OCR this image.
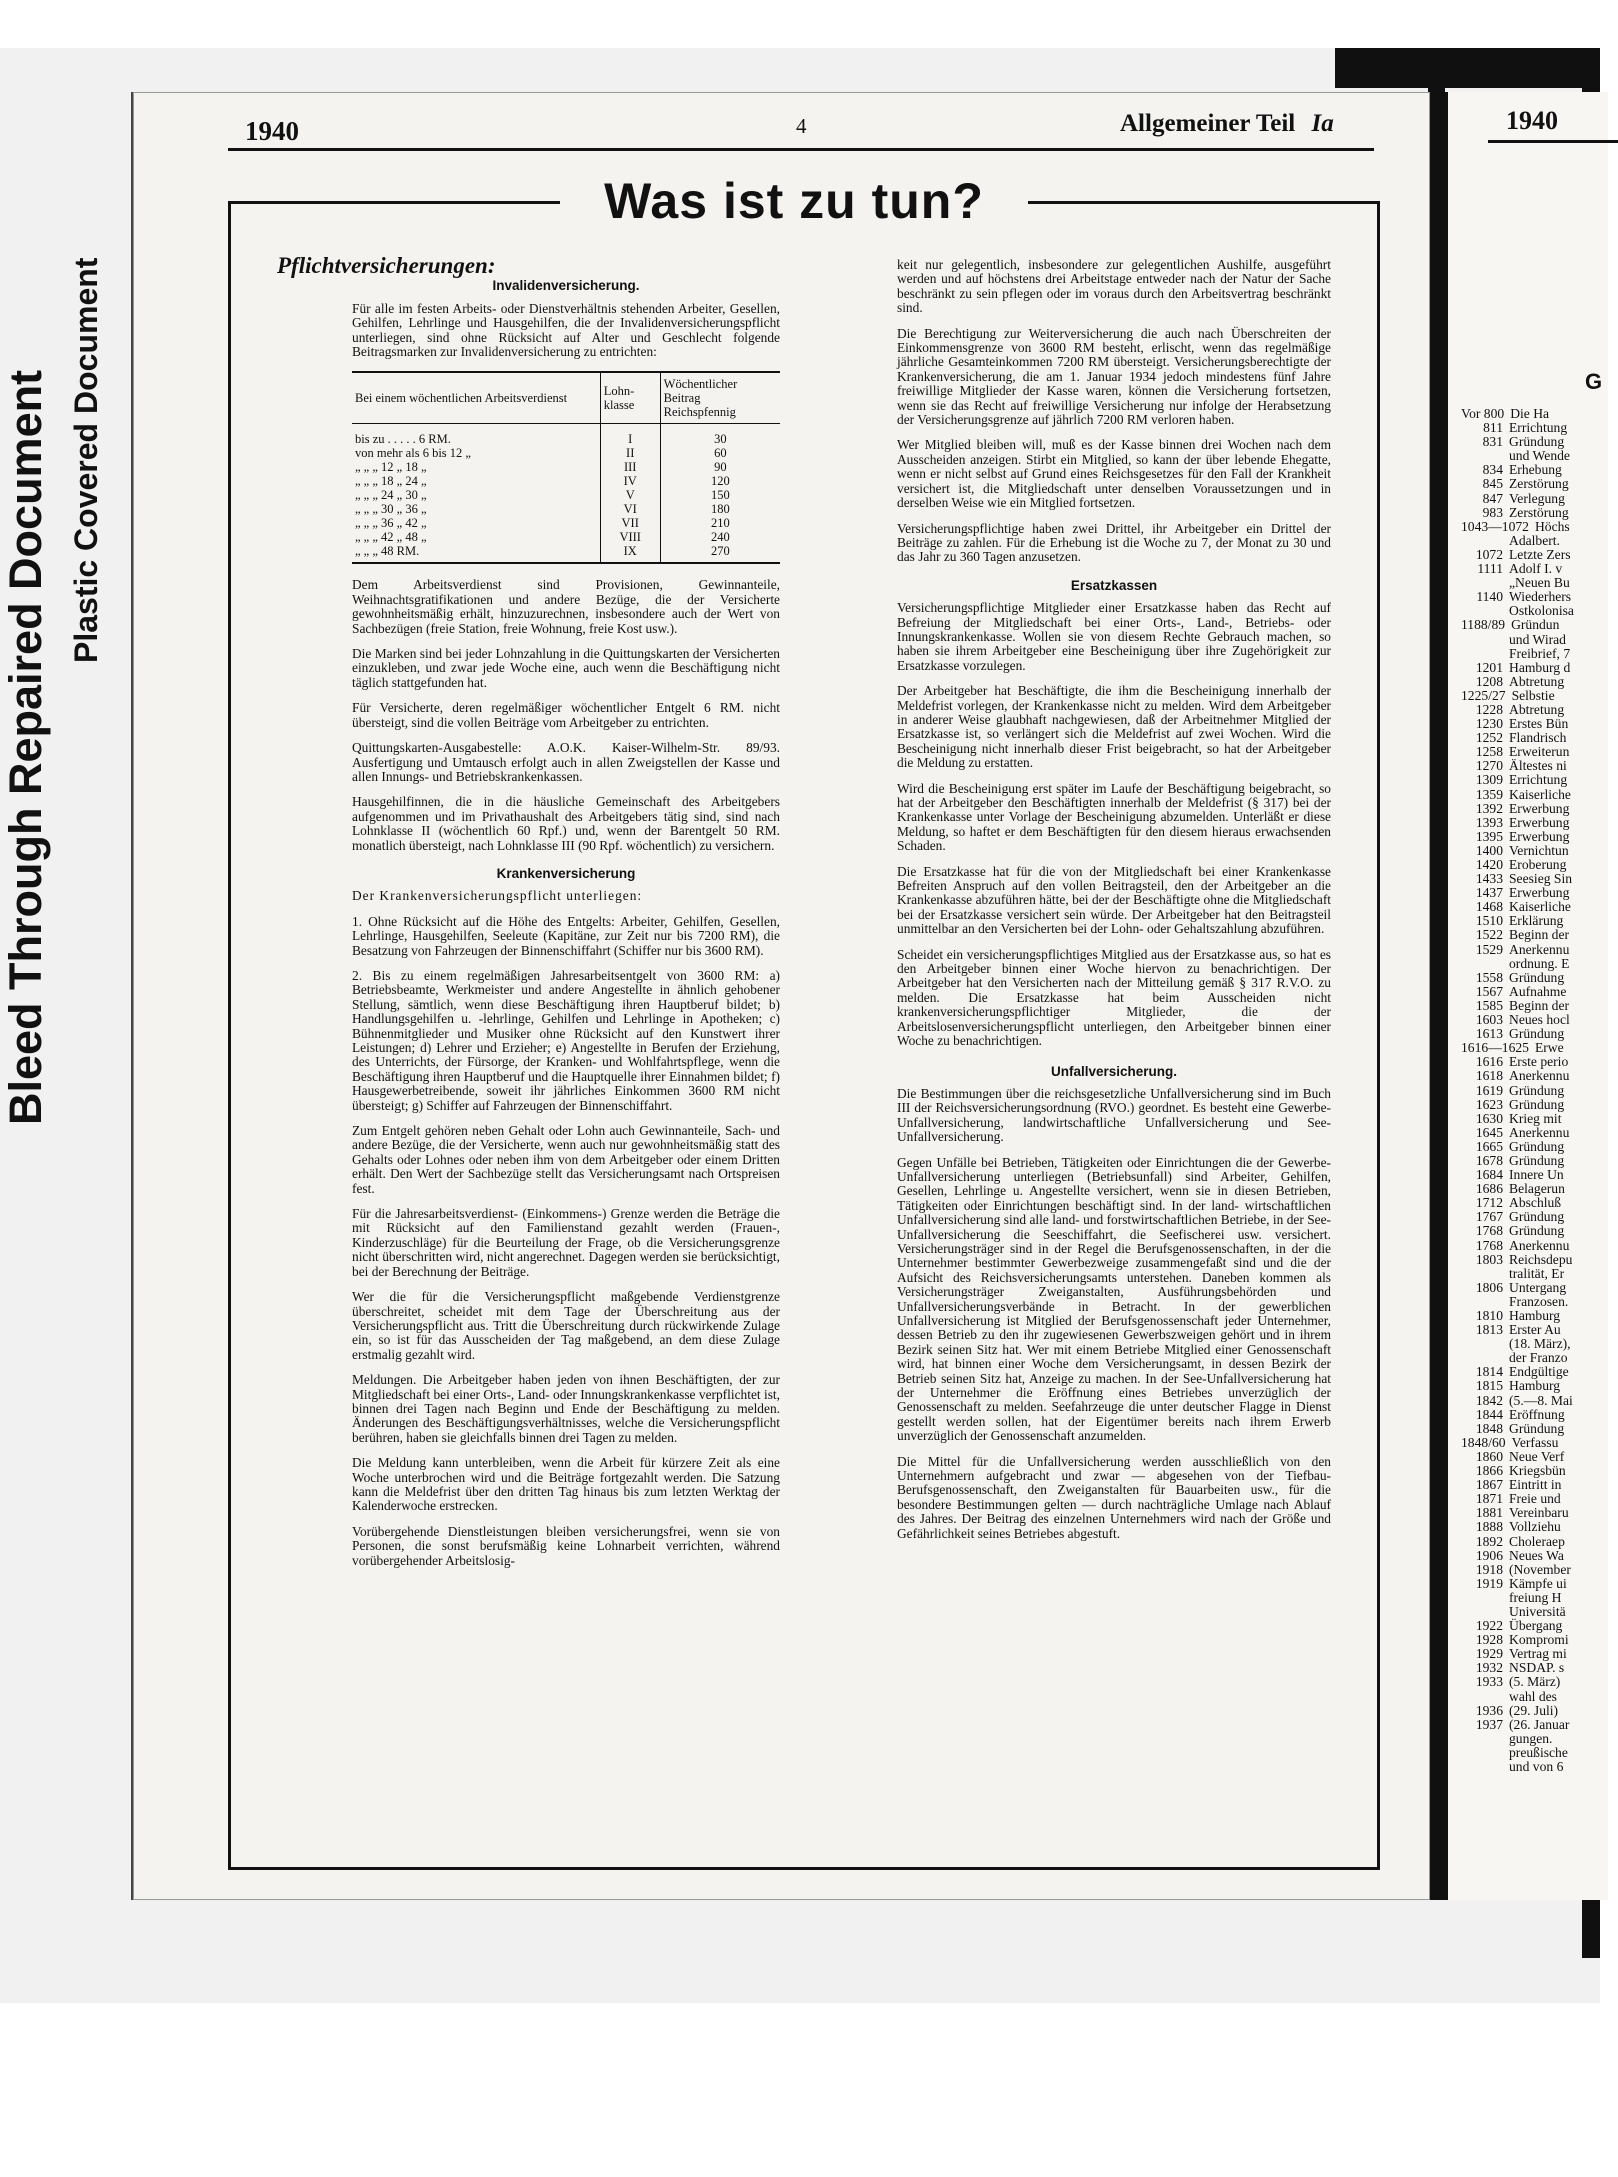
Bleed Through Repaired Document Plastic Covered Document
1940	4	Allgemeiner Teil Ia
Was ist zu tun?
Pflichtversicherungen:
Invalidenversicherung.

Für alle im festen Arbeits- oder Dienstverhältnis stehenden Arbeiter, Gesellen, Gehilfen, Lehrlinge und Hausgehilfen, die der Invalidenversicherungspflicht unterliegen, sind ohne Rücksicht auf Alter und Geschlecht folgende Beitragsmarken zur Invalidenversicherung zu entrichten:

Bei einem wöchentlichen Arbeitsverdienst	Lohn-klasse	Wöchentlicher Beitrag
Reichspfennig
bis zu . . . . . 6 RM.	I	30
von mehr als 6 bis 12 „	II	60
„ „ „ 12 „ 18 „	III	90
„ „ „ 18 „ 24 „	IV	120
„ „ „ 24 „ 30 „	V	150
„ „ „ 30 „ 36 „	VI	180
„ „ „ 36 „ 42 „	VII	210
„ „ „ 42 „ 48 „	VIII	240
„ „ „ 48 RM.	IX	270

Dem Arbeitsverdienst sind Provisionen, Gewinnanteile, Weihnachtsgratifikationen und andere Bezüge, die der Versicherte gewohnheitsmäßig erhält, hinzuzurechnen, insbesondere auch der Wert von Sachbezügen (freie Station, freie Wohnung, freie Kost usw.).

Die Marken sind bei jeder Lohnzahlung in die Quittungskarten der Versicherten einzukleben, und zwar jede Woche eine, auch wenn die Beschäftigung nicht täglich stattgefunden hat.

Für Versicherte, deren regelmäßiger wöchentlicher Entgelt 6 RM. nicht übersteigt, sind die vollen Beiträge vom Arbeitgeber zu entrichten.

Quittungskarten-Ausgabestelle: A.O.K. Kaiser-Wilhelm-Str. 89/93. Ausfertigung und Umtausch erfolgt auch in allen Zweigstellen der Kasse und allen Innungs- und Betriebskrankenkassen.

Hausgehilfinnen, die in die häusliche Gemeinschaft des Arbeitgebers aufgenommen und im Privathaushalt des Arbeitgebers tätig sind, sind nach Lohnklasse II (wöchentlich 60 Rpf.) und, wenn der Barentgelt 50 RM. monatlich übersteigt, nach Lohnklasse III (90 Rpf. wöchentlich) zu versichern.

Krankenversicherung

Der Krankenversicherungspflicht unterliegen:

1. Ohne Rücksicht auf die Höhe des Entgelts: Arbeiter, Gehilfen, Gesellen, Lehrlinge, Hausgehilfen, Seeleute (Kapitäne, zur Zeit nur bis 7200 RM), die Besatzung von Fahrzeugen der Binnenschiffahrt (Schiffer nur bis 3600 RM).

2. Bis zu einem regelmäßigen Jahresarbeitsentgelt von 3600 RM: a) Betriebsbeamte, Werkmeister und andere Angestellte in ähnlich gehobener Stellung, sämtlich, wenn diese Beschäftigung ihren Hauptberuf bildet; b) Handlungsgehilfen u. -lehrlinge, Gehilfen und Lehrlinge in Apotheken; c) Bühnenmitglieder und Musiker ohne Rücksicht auf den Kunstwert ihrer Leistungen; d) Lehrer und Erzieher; e) Angestellte in Berufen der Erziehung, des Unterrichts, der Fürsorge, der Kranken- und Wohlfahrtspflege, wenn die Beschäftigung ihren Hauptberuf und die Hauptquelle ihrer Einnahmen bildet; f) Hausgewerbetreibende, soweit ihr jährliches Einkommen 3600 RM nicht übersteigt; g) Schiffer auf Fahrzeugen der Binnenschiffahrt.

Zum Entgelt gehören neben Gehalt oder Lohn auch Gewinnanteile, Sach- und andere Bezüge, die der Versicherte, wenn auch nur gewohnheitsmäßig statt des Gehalts oder Lohnes oder neben ihm von dem Arbeitgeber oder einem Dritten erhält. Den Wert der Sachbezüge stellt das Versicherungsamt nach Ortspreisen fest.

Für die Jahresarbeitsverdienst- (Einkommens-) Grenze werden die Beträge die mit Rücksicht auf den Familienstand gezahlt werden (Frauen-, Kinderzuschläge) für die Beurteilung der Frage, ob die Versicherungsgrenze nicht überschritten wird, nicht angerechnet. Dagegen werden sie berücksichtigt, bei der Berechnung der Beiträge.

Wer die für die Versicherungspflicht maßgebende Verdienstgrenze überschreitet, scheidet mit dem Tage der Überschreitung aus der Versicherungspflicht aus. Tritt die Überschreitung durch rückwirkende Zulage ein, so ist für das Ausscheiden der Tag maßgebend, an dem diese Zulage erstmalig gezahlt wird.

Meldungen. Die Arbeitgeber haben jeden von ihnen Beschäftigten, der zur Mitgliedschaft bei einer Orts-, Land- oder Innungskrankenkasse verpflichtet ist, binnen drei Tagen nach Beginn und Ende der Beschäftigung zu melden. Änderungen des Beschäftigungsverhältnisses, welche die Versicherungspflicht berühren, haben sie gleichfalls binnen drei Tagen zu melden.

Die Meldung kann unterbleiben, wenn die Arbeit für kürzere Zeit als eine Woche unterbrochen wird und die Beiträge fortgezahlt werden. Die Satzung kann die Meldefrist über den dritten Tag hinaus bis zum letzten Werktag der Kalenderwoche erstrecken.

Vorübergehende Dienstleistungen bleiben versicherungsfrei, wenn sie von Personen, die sonst berufsmäßig keine Lohnarbeit verrichten, während vorübergehender Arbeitslosig-

keit nur gelegentlich, insbesondere zur gelegentlichen Aushilfe, ausgeführt werden und auf höchstens drei Arbeitstage entweder nach der Natur der Sache beschränkt zu sein pflegen oder im voraus durch den Arbeitsvertrag beschränkt sind.

Die Berechtigung zur Weiterversicherung die auch nach Überschreiten der Einkommensgrenze von 3600 RM besteht, erlischt, wenn das regelmäßige jährliche Gesamteinkommen 7200 RM übersteigt. Versicherungsberechtigte der Krankenversicherung, die am 1. Januar 1934 jedoch mindestens fünf Jahre freiwillige Mitglieder der Kasse waren, können die Versicherung fortsetzen, wenn sie das Recht auf freiwillige Versicherung nur infolge der Herabsetzung der Versicherungsgrenze auf jährlich 7200 RM verloren haben.

Wer Mitglied bleiben will, muß es der Kasse binnen drei Wochen nach dem Ausscheiden anzeigen. Stirbt ein Mitglied, so kann der über lebende Ehegatte, wenn er nicht selbst auf Grund eines Reichsgesetzes für den Fall der Krankheit versichert ist, die Mitgliedschaft unter denselben Voraussetzungen und in derselben Weise wie ein Mitglied fortsetzen.

Versicherungspflichtige haben zwei Drittel, ihr Arbeitgeber ein Drittel der Beiträge zu zahlen. Für die Erhebung ist die Woche zu 7, der Monat zu 30 und das Jahr zu 360 Tagen anzusetzen.

Ersatzkassen

Versicherungspflichtige Mitglieder einer Ersatzkasse haben das Recht auf Befreiung der Mitgliedschaft bei einer Orts-, Land-, Betriebs- oder Innungskrankenkasse. Wollen sie von diesem Rechte Gebrauch machen, so haben sie ihrem Arbeitgeber eine Bescheinigung über ihre Zugehörigkeit zur Ersatzkasse vorzulegen.

Der Arbeitgeber hat Beschäftigte, die ihm die Bescheinigung innerhalb der Meldefrist vorlegen, der Krankenkasse nicht zu melden. Wird dem Arbeitgeber in anderer Weise glaubhaft nachgewiesen, daß der Arbeitnehmer Mitglied der Ersatzkasse ist, so verlängert sich die Meldefrist auf zwei Wochen. Wird die Bescheinigung nicht innerhalb dieser Frist beigebracht, so hat der Arbeitgeber die Meldung zu erstatten.

Wird die Bescheinigung erst später im Laufe der Beschäftigung beigebracht, so hat der Arbeitgeber den Beschäftigten innerhalb der Meldefrist (§ 317) bei der Krankenkasse unter Vorlage der Bescheinigung abzumelden. Unterläßt er diese Meldung, so haftet er dem Beschäftigten für den diesem hieraus erwachsenden Schaden.

Die Ersatzkasse hat für die von der Mitgliedschaft bei einer Krankenkasse Befreiten Anspruch auf den vollen Beitragsteil, den der Arbeitgeber an die Krankenkasse abzuführen hätte, bei der der Beschäftigte ohne die Mitgliedschaft bei der Ersatzkasse versichert sein würde. Der Arbeitgeber hat den Beitragsteil unmittelbar an den Versicherten bei der Lohn- oder Gehaltszahlung abzuführen.

Scheidet ein versicherungspflichtiges Mitglied aus der Ersatzkasse aus, so hat es den Arbeitgeber binnen einer Woche hiervon zu benachrichtigen. Der Arbeitgeber hat den Versicherten nach der Mitteilung gemäß § 317 R.V.O. zu melden. Die Ersatzkasse hat beim Ausscheiden nicht krankenversicherungspflichtiger Mitglieder, die der Arbeitslosenversicherungspflicht unterliegen, den Arbeitgeber binnen einer Woche zu benachrichtigen.

Unfallversicherung.

Die Bestimmungen über die reichsgesetzliche Unfallversicherung sind im Buch III der Reichsversicherungsordnung (RVO.) geordnet. Es besteht eine Gewerbe-Unfallversicherung, landwirtschaftliche Unfallversicherung und See-Unfallversicherung.

Gegen Unfälle bei Betrieben, Tätigkeiten oder Einrichtungen die der Gewerbe-Unfallversicherung unterliegen (Betriebsunfall) sind Arbeiter, Gehilfen, Gesellen, Lehrlinge u. Angestellte versichert, wenn sie in diesen Betrieben, Tätigkeiten oder Einrichtungen beschäftigt sind. In der land- wirtschaftlichen Unfallversicherung sind alle land- und forstwirtschaftlichen Betriebe, in der See-Unfallversicherung die Seeschiffahrt, die Seefischerei usw. versichert. Versicherungsträger sind in der Regel die Berufsgenossenschaften, in der die Unternehmer bestimmter Gewerbezweige zusammengefaßt sind und die der Aufsicht des Reichsversicherungsamts unterstehen. Daneben kommen als Versicherungsträger Zweiganstalten, Ausführungsbehörden und Unfallversicherungsverbände in Betracht. In der gewerblichen Unfallversicherung ist Mitglied der Berufsgenossenschaft jeder Unternehmer, dessen Betrieb zu den ihr zugewiesenen Gewerbszweigen gehört und in ihrem Bezirk seinen Sitz hat. Wer mit einem Betriebe Mitglied einer Genossenschaft wird, hat binnen einer Woche dem Versicherungsamt, in dessen Bezirk der Betrieb seinen Sitz hat, Anzeige zu machen. In der See-Unfallversicherung hat der Unternehmer die Eröffnung eines Betriebes unverzüglich der Genossenschaft zu melden. Seefahrzeuge die unter deutscher Flagge in Dienst gestellt werden sollen, hat der Eigentümer bereits nach ihrem Erwerb unverzüglich der Genossenschaft anzumelden.

Die Mittel für die Unfallversicherung werden ausschließlich von den Unternehmern aufgebracht und zwar — abgesehen von der Tiefbau-Berufsgenossenschaft, den Zweiganstalten für Bauarbeiten usw., für die besondere Bestimmungen gelten — durch nachträgliche Umlage nach Ablauf des Jahres. Der Beitrag des einzelnen Unternehmers wird nach der Größe und Gefährlichkeit seines Betriebes abgestuft.

1940
G
Vor 800 Die Ha
811 Errichtung
831 Gründung
und Wende
834 Erhebung
845 Zerstörung
847 Verlegung
983 Zerstörung
1043—1072 Höchs
Adalbert.
1072 Letzte Zers
1111 Adolf I. v
„Neuen Bu
1140 Wiederhers
Ostkolonisa
1188/89 Gründun
und Wirad
Freibrief, 7
1201 Hamburg d
1208 Abtretung
1225/27 Selbstie
1228 Abtretung
1230 Erstes Bün
1252 Flandrisch
1258 Erweiterun
1270 Ältestes ni
1309 Errichtung
1359 Kaiserliche
1392 Erwerbung
1393 Erwerbung
1395 Erwerbung
1400 Vernichtun
1420 Eroberung
1433 Seesieg Sin
1437 Erwerbung
1468 Kaiserliche
1510 Erklärung
1522 Beginn der
1529 Anerkennu
ordnung. E
1558 Gründung
1567 Aufnahme
1585 Beginn der
1603 Neues hocl
1613 Gründung
1616—1625 Erwe
1616 Erste perio
1618 Anerkennu
1619 Gründung
1623 Gründung
1630 Krieg mit
1645 Anerkennu
1665 Gründung
1678 Gründung
1684 Innere Un
1686 Belagerun
1712 Abschluß
1767 Gründung
1768 Gründung
1768 Anerkennu
1803 Reichsdepu
tralität, Er
1806 Untergang
Franzosen.
1810 Hamburg
1813 Erster Au
(18. März),
der Franzo
1814 Endgültige
1815 Hamburg
1842 (5.—8. Mai
1844 Eröffnung
1848 Gründung
1848/60 Verfassu
1860 Neue Verf
1866 Kriegsbün
1867 Eintritt in
1871 Freie und
1881 Vereinbaru
1888 Vollziehu
1892 Choleraep
1906 Neues Wa
1918 (November
1919 Kämpfe ui
freiung H
Universitä
1922 Übergang
1928 Kompromi
1929 Vertrag mi
1932 NSDAP. s
1933 (5. März)
wahl des
1936 (29. Juli)
1937 (26. Januar
gungen.
preußische
und von 6
